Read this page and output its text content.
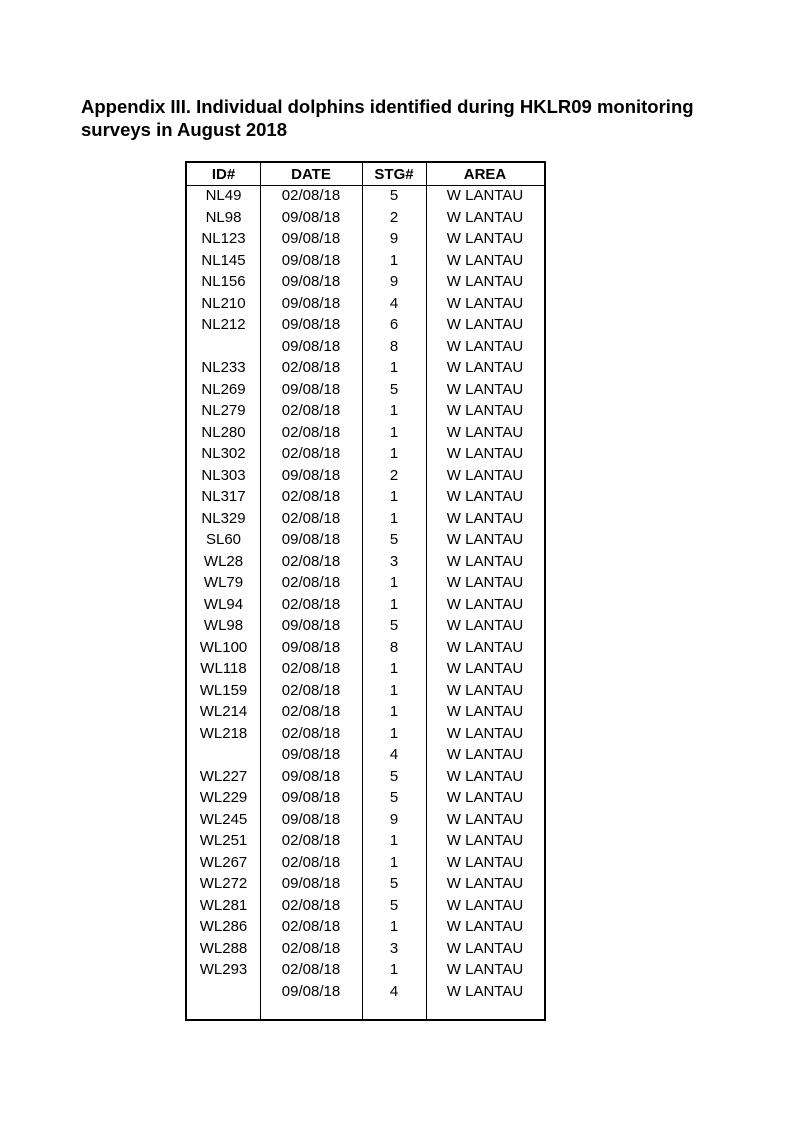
Appendix III. Individual dolphins identified during HKLR09 monitoring surveys in August 2018
ID#	DATE	STG#	AREA
NL49	02/08/18	5	W LANTAU
NL98	09/08/18	2	W LANTAU
NL123	09/08/18	9	W LANTAU
NL145	09/08/18	1	W LANTAU
NL156	09/08/18	9	W LANTAU
NL210	09/08/18	4	W LANTAU
NL212	09/08/18	6	W LANTAU
	09/08/18	8	W LANTAU
NL233	02/08/18	1	W LANTAU
NL269	09/08/18	5	W LANTAU
NL279	02/08/18	1	W LANTAU
NL280	02/08/18	1	W LANTAU
NL302	02/08/18	1	W LANTAU
NL303	09/08/18	2	W LANTAU
NL317	02/08/18	1	W LANTAU
NL329	02/08/18	1	W LANTAU
SL60	09/08/18	5	W LANTAU
WL28	02/08/18	3	W LANTAU
WL79	02/08/18	1	W LANTAU
WL94	02/08/18	1	W LANTAU
WL98	09/08/18	5	W LANTAU
WL100	09/08/18	8	W LANTAU
WL118	02/08/18	1	W LANTAU
WL159	02/08/18	1	W LANTAU
WL214	02/08/18	1	W LANTAU
WL218	02/08/18	1	W LANTAU
	09/08/18	4	W LANTAU
WL227	09/08/18	5	W LANTAU
WL229	09/08/18	5	W LANTAU
WL245	09/08/18	9	W LANTAU
WL251	02/08/18	1	W LANTAU
WL267	02/08/18	1	W LANTAU
WL272	09/08/18	5	W LANTAU
WL281	02/08/18	5	W LANTAU
WL286	02/08/18	1	W LANTAU
WL288	02/08/18	3	W LANTAU
WL293	02/08/18	1	W LANTAU
	09/08/18	4	W LANTAU
